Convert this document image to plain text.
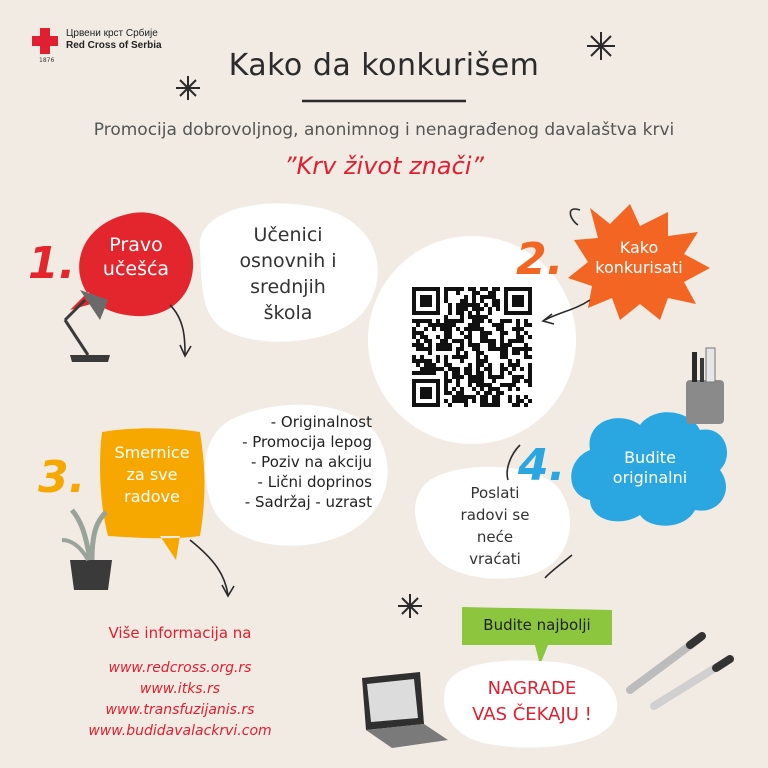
Црвени крст Србије
Red Cross of Serbia
1876	Kako da konkurišem
Promocija dobrovoljnog, anonimnog i nenagrađenog davalaštva krvi
”Krv život znači”
1.	Pravo
učešća
Učenici
osnovnih i
srednjih
škola
2.	Kako
konkurisati
3.	Smernice
za sve
radove
- Originalnost
- Promocija lepog
- Poziv na akciju
- Lični doprinos
- Sadržaj - uzrast
4.	Budite
originalni
Poslati
radovi se
neće
vraćati
Više informacija na
www.redcross.org.rs
www.itks.rs
www.transfuzijanis.rs
www.budidavalackrvi.com
Budite najbolji
NAGRADE
VAS ČEKAJU !
